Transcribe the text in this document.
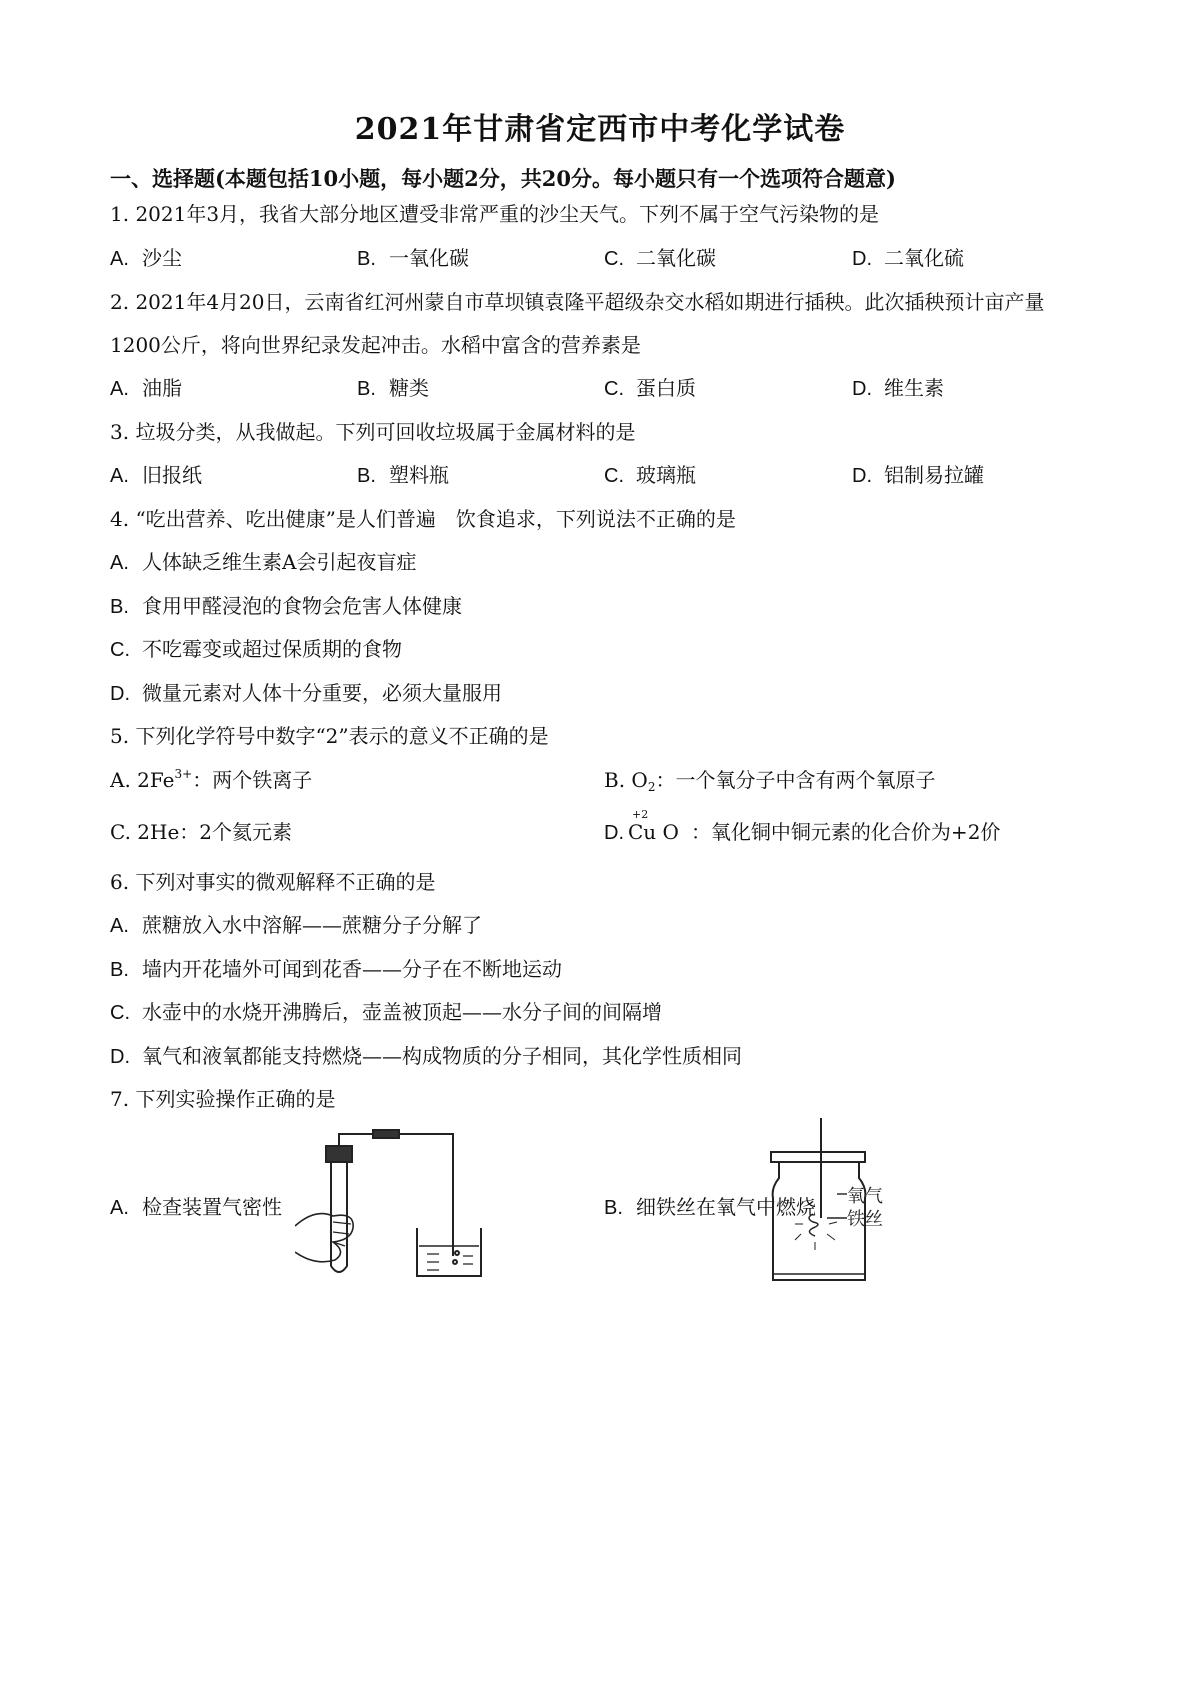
2021年甘肃省定西市中考化学试卷
一、选择题(本题包括10小题，每小题2分，共20分。每小题只有一个选项符合题意)
1. 2021年3月，我省大部分地区遭受非常严重的沙尘天气。下列不属于空气污染物的是
A. 沙尘	B. 一氧化碳	C. 二氧化碳	D. 二氧化硫
2. 2021年4月20日，云南省红河州蒙自市草坝镇袁隆平超级杂交水稻如期进行插秧。此次插秧预计亩产量
1200公斤，将向世界纪录发起冲击。水稻中富含的营养素是
A. 油脂	B. 糖类	C. 蛋白质	D. 维生素
3. 垃圾分类，从我做起。下列可回收垃圾属于金属材料的是
A. 旧报纸	B. 塑料瓶	C. 玻璃瓶	D. 铝制易拉罐
4. “吃出营养、吃出健康”是人们普遍　饮食追求，下列说法不正确的是
A. 人体缺乏维生素A会引起夜盲症
B. 食用甲醛浸泡的食物会危害人体健康
C. 不吃霉变或超过保质期的食物
D. 微量元素对人体十分重要，必须大量服用
5. 下列化学符号中数字“2”表示的意义不正确的是
A. $2Fe^{3+}$：两个铁离子	B. $O_2$：一个氧分子中含有两个氧原子
C. 2He：2个氦元素	D.
+2
Cu O ：氧化铜中铜元素的化合价为+2价
6. 下列对事实的微观解释不正确的是
A. 蔗糖放入水中溶解——蔗糖分子分解了
B. 墙内开花墙外可闻到花香——分子在不断地运动
C. 水壶中的水烧开沸腾后，壶盖被顶起——水分子间的间隔增
D. 氧气和液氧都能支持燃烧——构成物质的分子相同，其化学性质相同
7. 下列实验操作正确的是
A. 检查装置气密性	B. 细铁丝在氧气中燃烧 氧气
铁丝
